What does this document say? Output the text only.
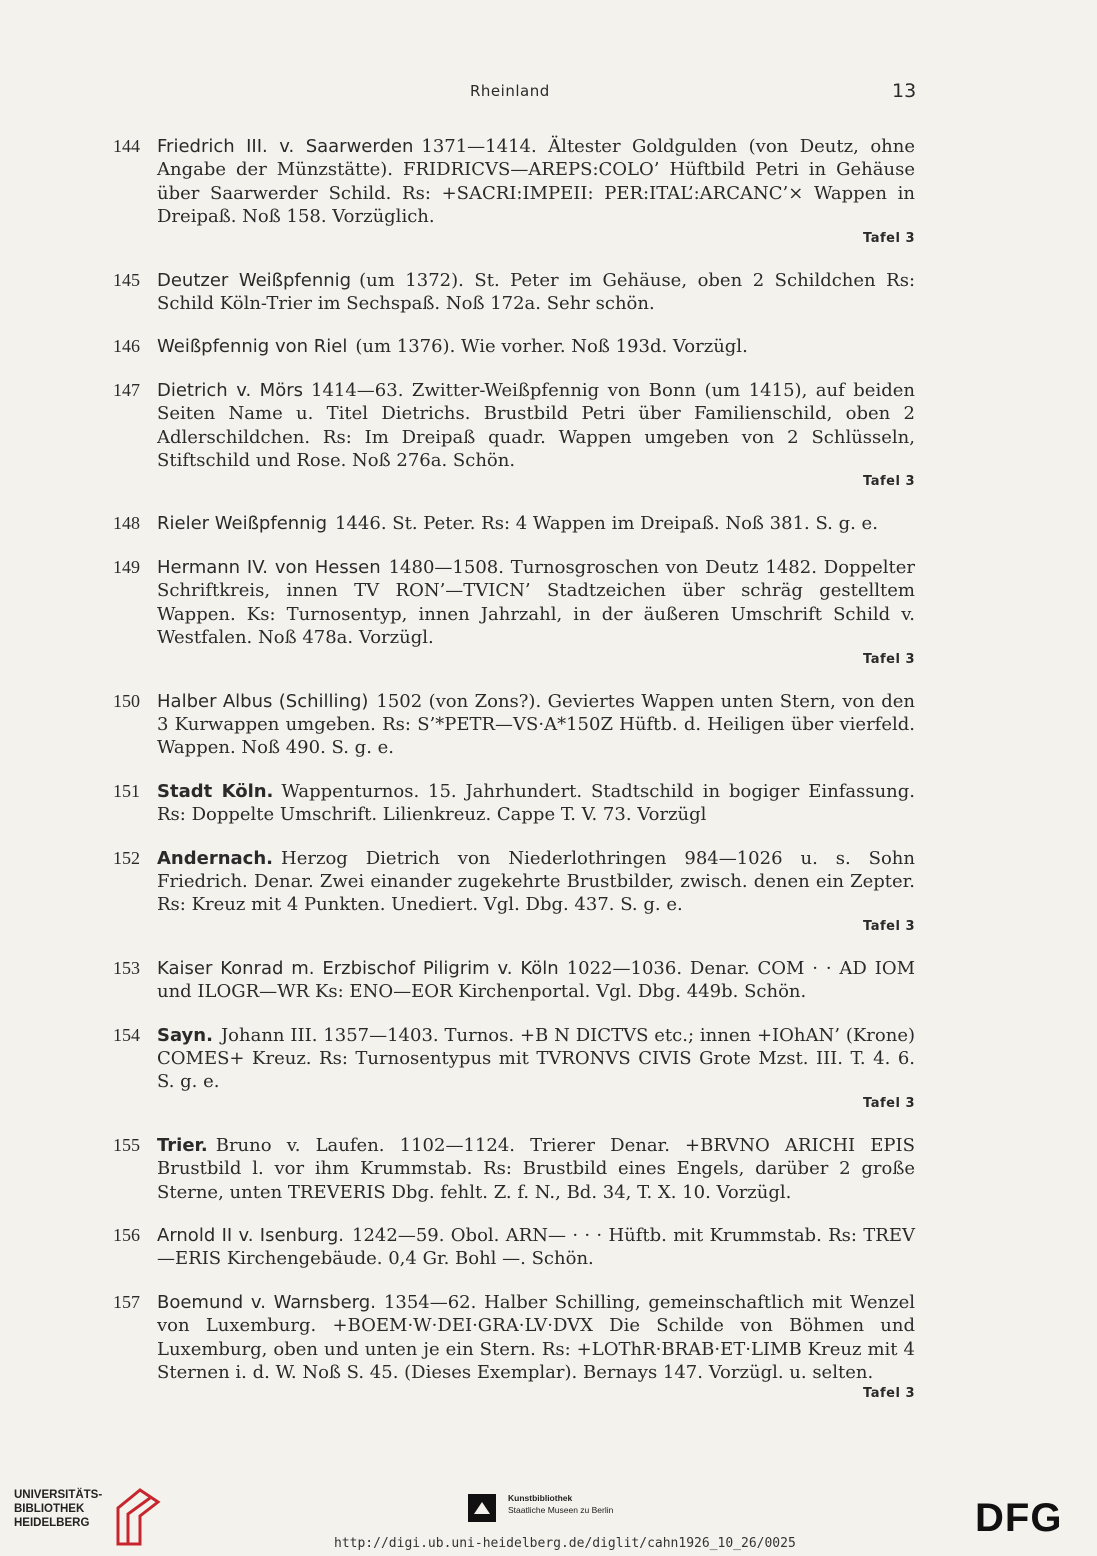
Rheinland	13
144 Friedrich III. v. Saarwerden 1371—1414. Ältester Goldgulden (von Deutz, ohne Angabe der Münzstätte). FRIDRICVS—AREPS:COLO’ Hüftbild Petri in Gehäuse über Saarwerder Schild. Rs: +SACRI:IMPEII: PER:ITAL’:ARCANC’× Wappen in Dreipaß. Noß 158. Vorzüglich.
Tafel 3
145 Deutzer Weißpfennig (um 1372). St. Peter im Gehäuse, oben 2 Schildchen Rs: Schild Köln-Trier im Sechspaß. Noß 172a. Sehr schön.
146 Weißpfennig von Riel (um 1376). Wie vorher. Noß 193d. Vorzügl.
147 Dietrich v. Mörs 1414—63. Zwitter-Weißpfennig von Bonn (um 1415), auf beiden Seiten Name u. Titel Dietrichs. Brustbild Petri über Familienschild, oben 2 Adlerschildchen. Rs: Im Dreipaß quadr. Wappen umgeben von 2 Schlüsseln, Stiftschild und Rose. Noß 276a. Schön.
Tafel 3
148 Rieler Weißpfennig 1446. St. Peter. Rs: 4 Wappen im Dreipaß. Noß 381. S. g. e.
149 Hermann IV. von Hessen 1480—1508. Turnosgroschen von Deutz 1482. Doppelter Schriftkreis, innen TV RON’—TVICN’ Stadtzeichen über schräg gestelltem Wappen. Ks: Turnosentyp, innen Jahrzahl, in der äußeren Umschrift Schild v. Westfalen. Noß 478a. Vorzügl.
Tafel 3
150 Halber Albus (Schilling) 1502 (von Zons?). Geviertes Wappen unten Stern, von den 3 Kurwappen umgeben. Rs: S’*PETR—VS·A*150Z Hüftb. d. Heiligen über vierfeld. Wappen. Noß 490. S. g. e.
151 Stadt Köln. Wappenturnos. 15. Jahrhundert. Stadtschild in bogiger Einfassung. Rs: Doppelte Umschrift. Lilienkreuz. Cappe T. V. 73. Vorzügl
152 Andernach. Herzog Dietrich von Niederlothringen 984—1026 u. s. Sohn Friedrich. Denar. Zwei einander zugekehrte Brustbilder, zwisch. denen ein Zepter. Rs: Kreuz mit 4 Punkten. Unediert. Vgl. Dbg. 437. S. g. e.
Tafel 3
153 Kaiser Konrad m. Erzbischof Piligrim v. Köln 1022—1036. Denar. COM · · AD IOM und ILOGR—WR Ks: ENO—EOR Kirchenportal. Vgl. Dbg. 449b. Schön.
154 Sayn. Johann III. 1357—1403. Turnos. +B N DICTVS etc.; innen +IOhAN’ (Krone) COMES+ Kreuz. Rs: Turnosentypus mit TVRONVS CIVIS Grote Mzst. III. T. 4. 6. S. g. e.
Tafel 3
155 Trier. Bruno v. Laufen. 1102—1124. Trierer Denar. +BRVNO ARICHI EPIS Brustbild l. vor ihm Krummstab. Rs: Brustbild eines Engels, darüber 2 große Sterne, unten TREVERIS Dbg. fehlt. Z. f. N., Bd. 34, T. X. 10. Vorzügl.
156 Arnold II v. Isenburg. 1242—59. Obol. ARN— · · · Hüftb. mit Krummstab. Rs: TREV—ERIS Kirchengebäude. 0,4 Gr. Bohl —. Schön.
157 Boemund v. Warnsberg. 1354—62. Halber Schilling, gemeinschaftlich mit Wenzel von Luxemburg. +BOEM·W·DEI·GRA·LV·DVX Die Schilde von Böhmen und Luxemburg, oben und unten je ein Stern. Rs: +LOThR·BRAB·ET·LIMB Kreuz mit 4 Sternen i. d. W. Noß S. 45. (Dieses Exemplar). Bernays 147. Vorzügl. u. selten.
Tafel 3
UNIVERSITÄTS-
BIBLIOTHEK
HEIDELBERG
Kunstbibliothek
Staatliche Museen zu Berlin	DFG
http://digi.ub.uni-heidelberg.de/diglit/cahn1926_10_26/0025
